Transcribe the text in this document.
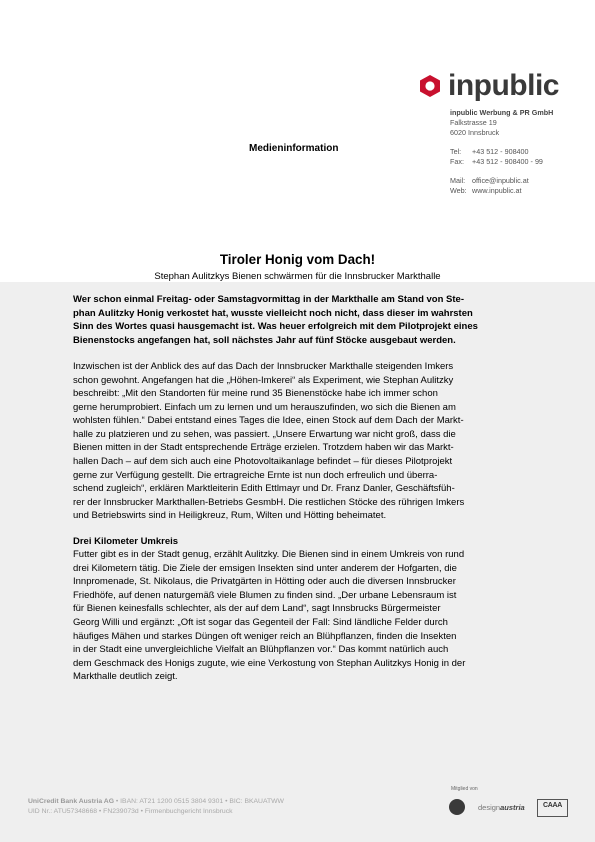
inpublic
inpublic Werbung & PR GmbH
Falkstrasse 19
6020 Innsbruck
Tel:	+43 512 - 908400
Fax:	+43 512 - 908400 - 99
Mail: office@inpublic.at
Web: www.inpublic.at
Medieninformation
Tiroler Honig vom Dach!
Stephan Aulitzkys Bienen schwärmen für die Innsbrucker Markthalle

Wer schon einmal Freitag- oder Samstagvormittag in der Markthalle am Stand von Ste-
phan Aulitzky Honig verkostet hat, wusste vielleicht noch nicht, dass dieser im wahrsten
Sinn des Wortes quasi hausgemacht ist. Was heuer erfolgreich mit dem Pilotprojekt eines
Bienenstocks angefangen hat, soll nächstes Jahr auf fünf Stöcke ausgebaut werden.

Inzwischen ist der Anblick des auf das Dach der Innsbrucker Markthalle steigenden Imkers
schon gewohnt. Angefangen hat die „Höhen-Imkerei“ als Experiment, wie Stephan Aulitzky
beschreibt: „Mit den Standorten für meine rund 35 Bienenstöcke habe ich immer schon
gerne herumprobiert. Einfach um zu lernen und um herauszufinden, wo sich die Bienen am
wohlsten fühlen.“ Dabei entstand eines Tages die Idee, einen Stock auf dem Dach der Markt-
halle zu platzieren und zu sehen, was passiert. „Unsere Erwartung war nicht groß, dass die
Bienen mitten in der Stadt entsprechende Erträge erzielen. Trotzdem haben wir das Markt-
hallen Dach – auf dem sich auch eine Photovoltaikanlage befindet – für dieses Pilotprojekt
gerne zur Verfügung gestellt. Die ertragreiche Ernte ist nun doch erfreulich und überra-
schend zugleich“, erklären Marktleiterin Edith Ettlmayr und Dr. Franz Danler, Geschäftsfüh-
rer der Innsbrucker Markthallen-Betriebs GesmbH. Die restlichen Stöcke des rührigen Imkers
und Betriebswirts sind in Heiligkreuz, Rum, Wilten und Hötting beheimatet.

Drei Kilometer Umkreis

Futter gibt es in der Stadt genug, erzählt Aulitzky. Die Bienen sind in einem Umkreis von rund
drei Kilometern tätig. Die Ziele der emsigen Insekten sind unter anderem der Hofgarten, die
Innpromenade, St. Nikolaus, die Privatgärten in Hötting oder auch die diversen Innsbrucker
Friedhöfe, auf denen naturgemäß viele Blumen zu finden sind. „Der urbane Lebensraum ist
für Bienen keinesfalls schlechter, als der auf dem Land“, sagt Innsbrucks Bürgermeister
Georg Willi und ergänzt: „Oft ist sogar das Gegenteil der Fall: Sind ländliche Felder durch
häufiges Mähen und starkes Düngen oft weniger reich an Blühpflanzen, finden die Insekten
in der Stadt eine unvergleichliche Vielfalt an Blühpflanzen vor.“ Das kommt natürlich auch
dem Geschmack des Honigs zugute, wie eine Verkostung von Stephan Aulitzkys Honig in der
Markthalle deutlich zeigt.

UniCredit Bank Austria AG • IBAN: AT21 1200 0515 3804 9301 • BIC: BKAUATWW
UID Nr.: ATU57348668 • FN239073d • Firmenbuchgericht Innsbruck
Mitglied von
designaustria	CAAA
